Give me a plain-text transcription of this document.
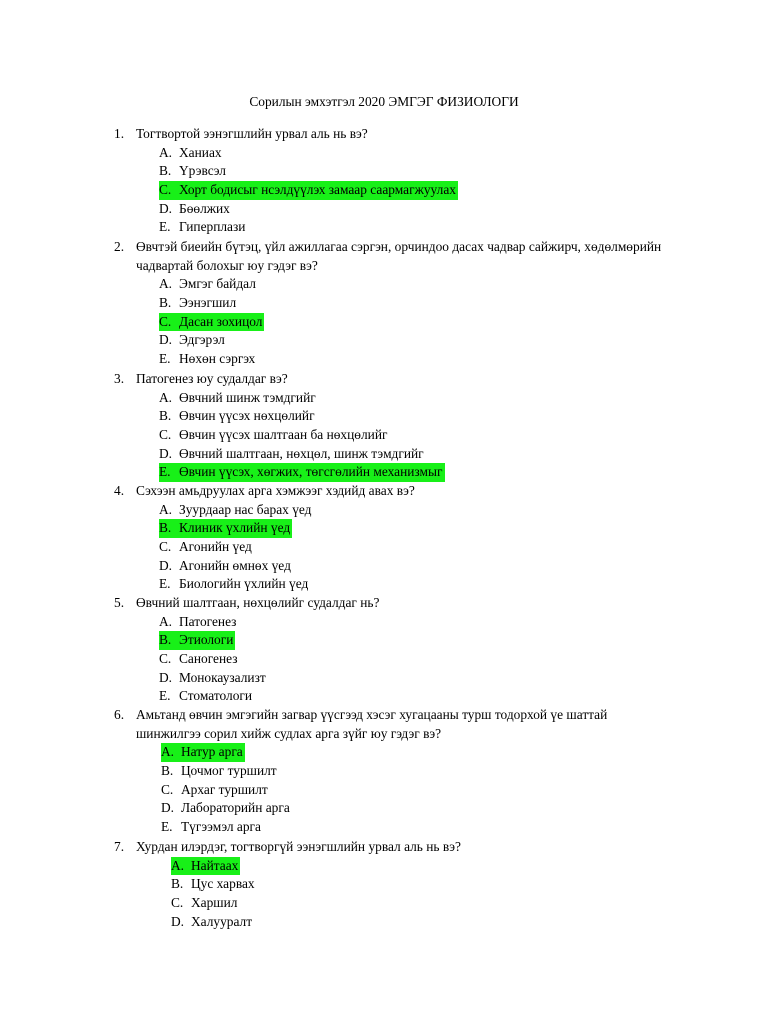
Сорилын эмхэтгэл 2020 ЭМГЭГ ФИЗИОЛОГИ
1. Тогтвортой ээнэгшлийн урвал аль нь вэ?
A. Ханиах
B. Үрэвсэл
C. Хорт бодисыг нсэлдүүлэх замаар саармагжуулах
D. Бөөлжих
E. Гиперплази
2. Өвчтэй биеийн бүтэц, үйл ажиллагаа сэргэн, орчиндоо дасах чадвар сайжирч, хөдөлмөрийн
чадвартай болохыг юу гэдэг вэ?
A. Эмгэг байдал
B. Ээнэгшил
C. Дасан зохицол
D. Эдгэрэл
E. Нөхөн сэргэх
3. Патогенез юу судалдаг вэ?
A. Өвчний шинж тэмдгийг
B. Өвчин үүсэх нөхцөлийг
C. Өвчин үүсэх шалтгаан ба нөхцөлийг
D. Өвчний шалтгаан, нөхцөл, шинж тэмдгийг
E. Өвчин үүсэх, хөгжих, төгсгөлийн механизмыг
4. Сэхээн амьдруулах арга хэмжээг хэдийд авах вэ?
A. Зуурдаар нас барах үед
B. Клиник үхлийн үед
C. Агонийн үед
D. Агонийн өмнөх үед
E. Биологийн үхлийн үед
5. Өвчний шалтгаан, нөхцөлийг судалдаг нь?
A. Патогенез
B. Этиологи
C. Саногенез
D. Монокаузализт
E. Стоматологи
6. Амьтанд өвчин эмгэгийн загвар үүсгээд хэсэг хугацааны турш тодорхой үе шаттай
шинжилгээ сорил хийж судлах арга зүйг юу гэдэг вэ?
A. Натур арга
B. Цочмог туршилт
C. Архаг туршилт
D. Лабораторийн арга
E. Түгээмэл арга
7. Хурдан илэрдэг, тогтворгүй ээнэгшлийн урвал аль нь вэ?
A. Найтаах
B. Цус харвах
C. Харшил
D. Халууралт
